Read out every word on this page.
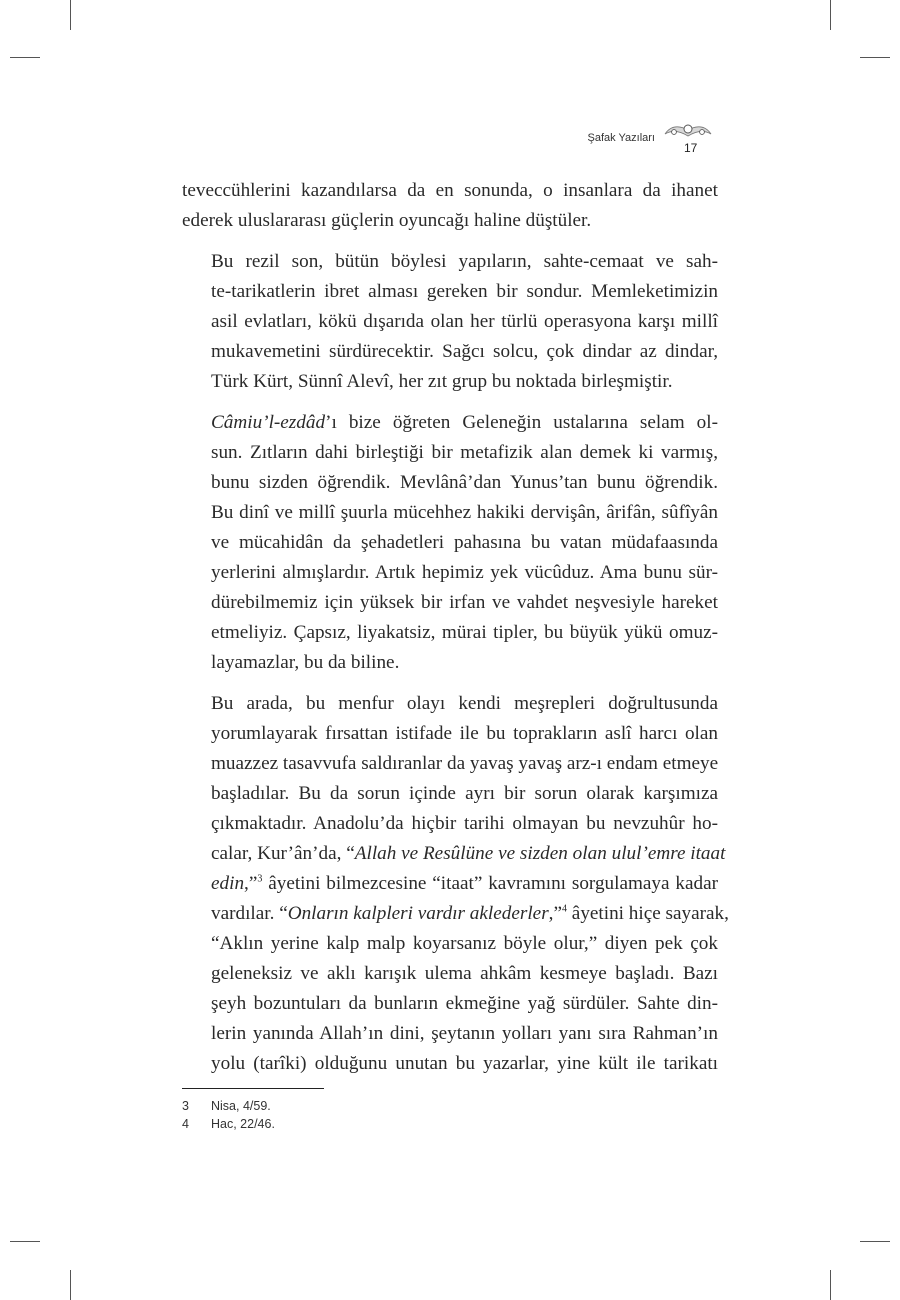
Şafak Yazıları
17

teveccühlerini kazandılarsa da en sonunda, o insanlara da ihanet
ederek uluslararası güçlerin oyuncağı haline düştüler.

Bu rezil son, bütün böylesi yapıların, sahte-cemaat ve sah-
te-tarikatlerin ibret alması gereken bir sondur. Memleketimizin
asil evlatları, kökü dışarıda olan her türlü operasyona karşı millî
mukavemetini sürdürecektir. Sağcı solcu, çok dindar az dindar,
Türk Kürt, Sünnî Alevî, her zıt grup bu noktada birleşmiştir.

Câmiu’l-ezdâd’ı bize öğreten Geleneğin ustalarına selam ol-
sun. Zıtların dahi birleştiği bir metafizik alan demek ki varmış,
bunu sizden öğrendik. Mevlânâ’dan Yunus’tan bunu öğrendik.
Bu dinî ve millî şuurla mücehhez hakiki dervişân, ârifân, sûfîyân
ve mücahidân da şehadetleri pahasına bu vatan müdafaasında
yerlerini almışlardır. Artık hepimiz yek vücûduz. Ama bunu sür-
dürebilmemiz için yüksek bir irfan ve vahdet neşvesiyle hareket
etmeliyiz. Çapsız, liyakatsiz, mürai tipler, bu büyük yükü omuz-
layamazlar, bu da biline.

Bu arada, bu menfur olayı kendi meşrepleri doğrultusunda
yorumlayarak fırsattan istifade ile bu toprakların aslî harcı olan
muazzez tasavvufa saldıranlar da yavaş yavaş arz-ı endam etmeye
başladılar. Bu da sorun içinde ayrı bir sorun olarak karşımıza
çıkmaktadır. Anadolu’da hiçbir tarihi olmayan bu nevzuhûr ho-
calar, Kur’ân’da, “Allah ve Resûlüne ve sizden olan ulul’emre itaat
edin,”$^3$ âyetini bilmezcesine “itaat” kavramını sorgulamaya kadar
vardılar. “Onların kalpleri vardır aklederler,”$^4$ âyetini hiçe sayarak,
“Aklın yerine kalp malp koyarsanız böyle olur,” diyen pek çok
geleneksiz ve aklı karışık ulema ahkâm kesmeye başladı. Bazı
şeyh bozuntuları da bunların ekmeğine yağ sürdüler. Sahte din-
lerin yanında Allah’ın dini, şeytanın yolları yanı sıra Rahman’ın
yolu (tarîki) olduğunu unutan bu yazarlar, yine kült ile tarikatı

3	Nisa, 4/59.
4	Hac, 22/46.
